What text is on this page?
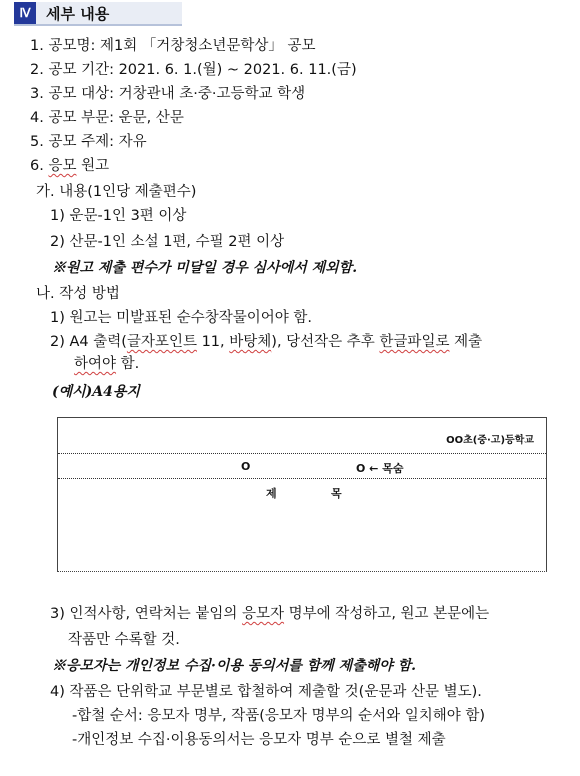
Ⅳ	세부 내용
1. 공모명: 제1회 「거창청소년문학상」 공모
2. 공모 기간: 2021. 6. 1.(월) ~ 2021. 6. 11.(금)
3. 공모 대상: 거창관내 초·중·고등학교 학생
4. 공모 부문: 운문, 산문
5. 공모 주제: 자유
6. 응모 원고
가. 내용(1인당 제출편수)
1) 운문-1인 3편 이상
2) 산문-1인 소설 1편, 수필 2편 이상
※원고 제출 편수가 미달일 경우 심사에서 제외함.
나. 작성 방법
1) 원고는 미발표된 순수창작물이어야 함.
2) A4 출력(글자포인트 11, 바탕체), 당선작은 추후 한글파일로 제출
하여야 함.
(예시)A4용지
OO초(중·고)등학교
O	O ← 목숨
제	목
3) 인적사항, 연락처는 붙임의 응모자 명부에 작성하고, 원고 본문에는
작품만 수록할 것.
※응모자는 개인정보 수집·이용 동의서를 함께 제출해야 함.
4) 작품은 단위학교 부문별로 합철하여 제출할 것(운문과 산문 별도).
-합철 순서: 응모자 명부, 작품(응모자 명부의 순서와 일치해야 함)
-개인정보 수집·이용동의서는 응모자 명부 순으로 별철 제출
